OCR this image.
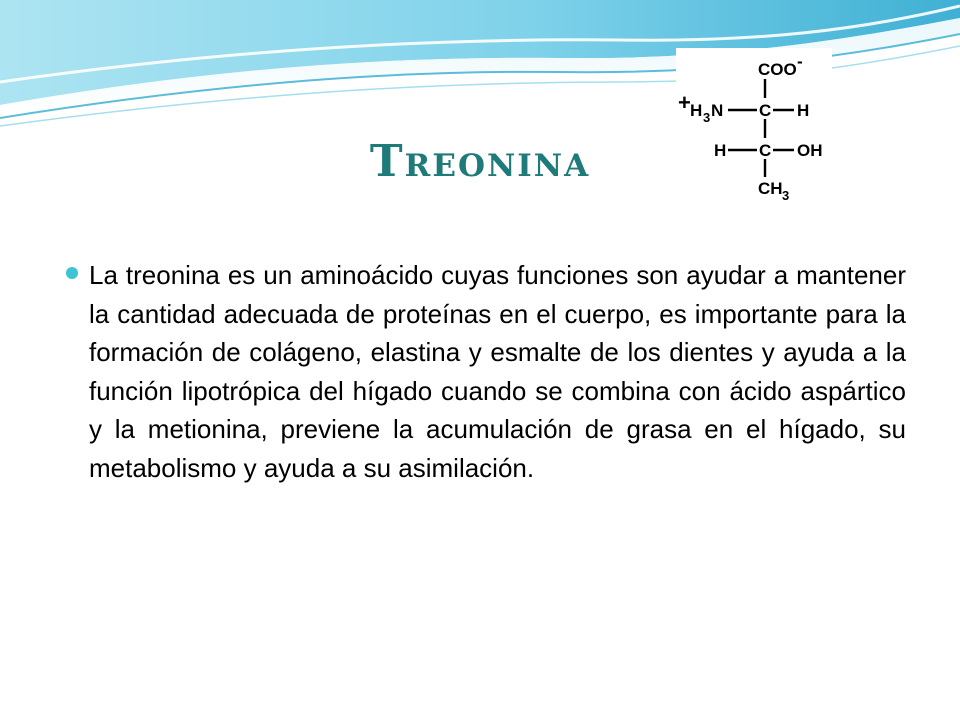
COO -
+ H 3 N C H
H C OH
CH 3
Treonina

La treonina es un aminoácido cuyas funciones son ayudar a mantener la cantidad adecuada de proteínas en el cuerpo, es importante para la formación de colágeno, elastina y esmalte de los dientes y ayuda a la función lipotrópica del hígado cuando se combina con ácido aspártico y la metionina, previene la acumulación de grasa en el hígado, su metabolismo y ayuda a su asimilación.
